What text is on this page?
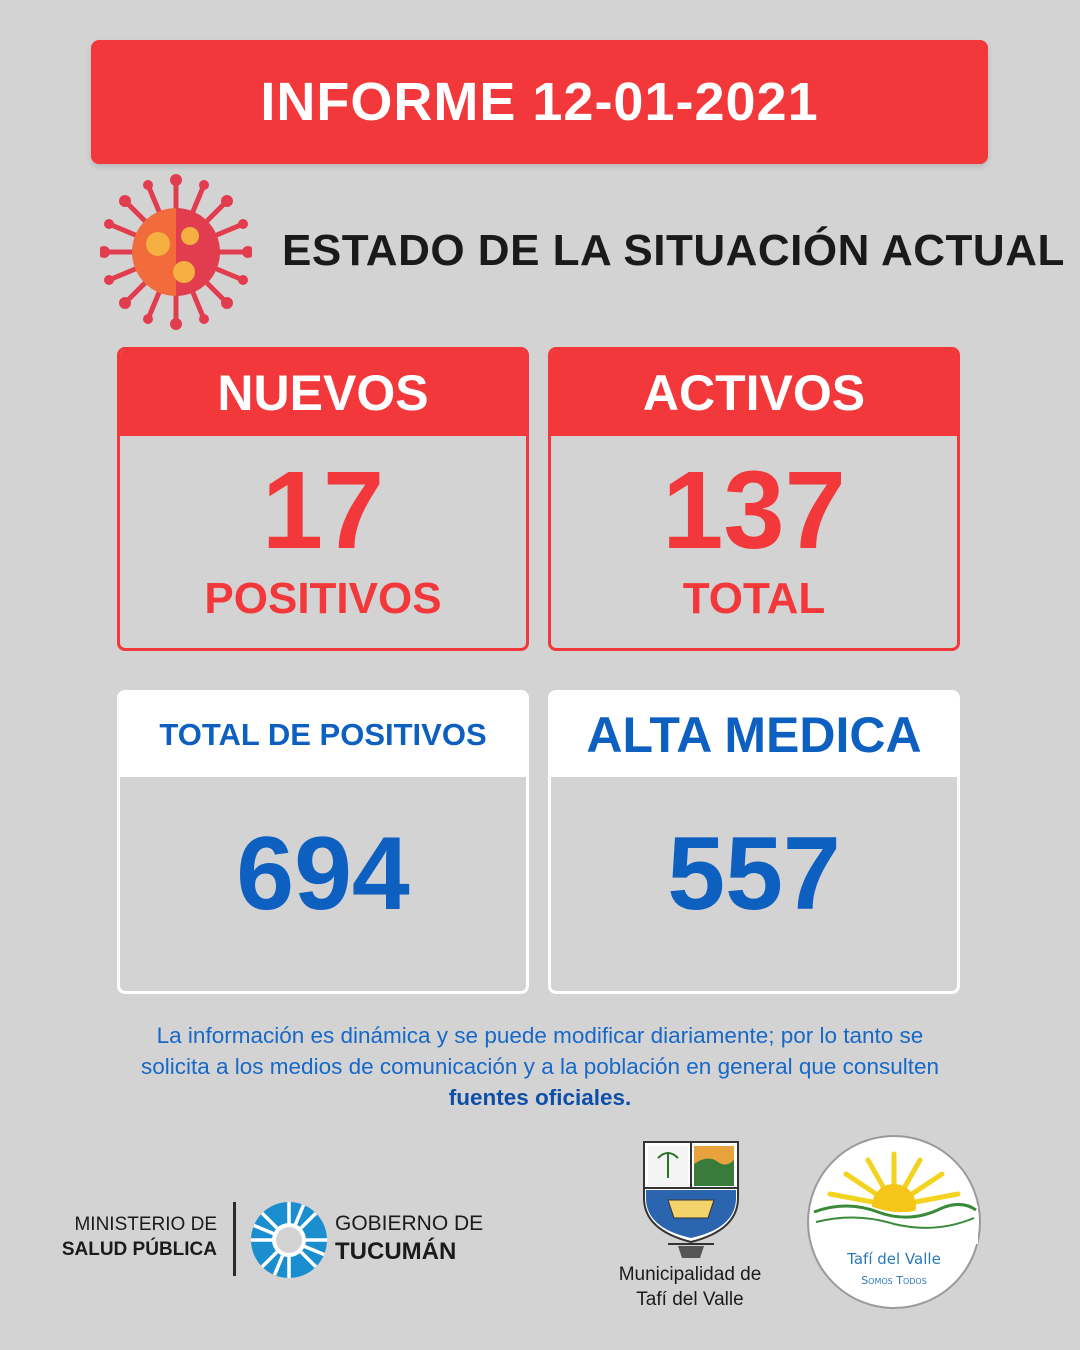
INFORME 12-01-2021
ESTADO DE LA SITUACIÓN ACTUAL
NUEVOS
17
POSITIVOS
ACTIVOS
137
TOTAL
TOTAL DE POSITIVOS
694
ALTA MEDICA
557
La información es dinámica y se puede modificar diariamente; por lo tanto se
solicita a los medios de comunicación y a la población en general que consulten
fuentes oficiales.
MINISTERIO DE
SALUD PÚBLICA
GOBIERNO DE
TUCUMÁN
Municipalidad de
Tafí del Valle
Tafí del Valle
Somos Todos
